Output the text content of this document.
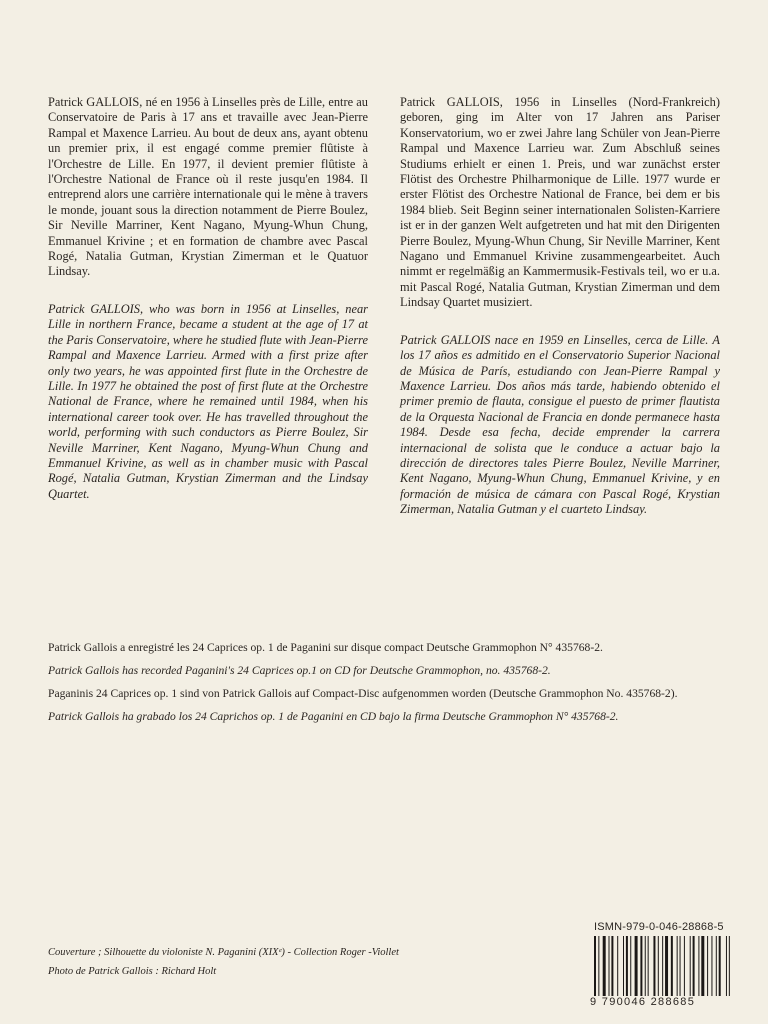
Patrick GALLOIS, né en 1956 à Linselles près de Lille, entre au Conservatoire de Paris à 17 ans et travaille avec Jean-Pierre Rampal et Maxence Larrieu. Au bout de deux ans, ayant obtenu un premier prix, il est engagé comme premier flûtiste à l'Orchestre de Lille. En 1977, il devient premier flûtiste à l'Orchestre National de France où il reste jusqu'en 1984. Il entreprend alors une carrière internationale qui le mène à travers le monde, jouant sous la direction notamment de Pierre Boulez, Sir Neville Marriner, Kent Nagano, Myung-Whun Chung, Emmanuel Krivine ; et en formation de chambre avec Pascal Rogé, Natalia Gutman, Krystian Zimerman et le Quatuor Lindsay.

Patrick GALLOIS, who was born in 1956 at Linselles, near Lille in northern France, became a student at the age of 17 at the Paris Conservatoire, where he studied flute with Jean-Pierre Rampal and Maxence Larrieu. Armed with a first prize after only two years, he was appointed first flute in the Orchestre de Lille. In 1977 he obtained the post of first flute at the Orchestre National de France, where he remained until 1984, when his international career took over. He has travelled throughout the world, performing with such conductors as Pierre Boulez, Sir Neville Marriner, Kent Nagano, Myung-Whun Chung and Emmanuel Krivine, as well as in chamber music with Pascal Rogé, Natalia Gutman, Krystian Zimerman and the Lindsay Quartet.

Patrick GALLOIS, 1956 in Linselles (Nord-Frankreich) geboren, ging im Alter von 17 Jahren ans Pariser Konservatorium, wo er zwei Jahre lang Schüler von Jean-Pierre Rampal und Maxence Larrieu war. Zum Abschluß seines Studiums erhielt er einen 1. Preis, und war zunächst erster Flötist des Orchestre Philharmonique de Lille. 1977 wurde er erster Flötist des Orchestre National de France, bei dem er bis 1984 blieb. Seit Beginn seiner internationalen Solisten-Karriere ist er in der ganzen Welt aufgetreten und hat mit den Dirigenten Pierre Boulez, Myung-Whun Chung, Sir Neville Marriner, Kent Nagano und Emmanuel Krivine zusammengearbeitet. Auch nimmt er regelmäßig an Kammermusik-Festivals teil, wo er u.a. mit Pascal Rogé, Natalia Gutman, Krystian Zimerman und dem Lindsay Quartet musiziert.

Patrick GALLOIS nace en 1959 en Linselles, cerca de Lille. A los 17 años es admitido en el Conservatorio Superior Nacional de Música de París, estudiando con Jean-Pierre Rampal y Maxence Larrieu. Dos años más tarde, habiendo obtenido el primer premio de flauta, consigue el puesto de primer flautista de la Orquesta Nacional de Francia en donde permanece hasta 1984. Desde esa fecha, decide emprender la carrera internacional de solista que le conduce a actuar bajo la dirección de directores tales Pierre Boulez, Neville Marriner, Kent Nagano, Myung-Whun Chung, Emmanuel Krivine, y en formación de música de cámara con Pascal Rogé, Krystian Zimerman, Natalia Gutman y el cuarteto Lindsay.

Patrick Gallois a enregistré les 24 Caprices op. 1 de Paganini sur disque compact Deutsche Grammophon N° 435768-2.

Patrick Gallois has recorded Paganini's 24 Caprices op.1 on CD for Deutsche Grammophon, no. 435768-2.

Paganinis 24 Caprices op. 1 sind von Patrick Gallois auf Compact-Disc aufgenommen worden (Deutsche Grammophon No. 435768-2).

Patrick Gallois ha grabado los 24 Caprichos op. 1 de Paganini en CD bajo la firma Deutsche Grammophon N° 435768-2.

Couverture ; Silhouette du violoniste N. Paganini (XIXᵉ) - Collection Roger -Viollet
Photo de Patrick Gallois : Richard Holt
ISMN-979-0-046-28868-5
9 790046 288685
